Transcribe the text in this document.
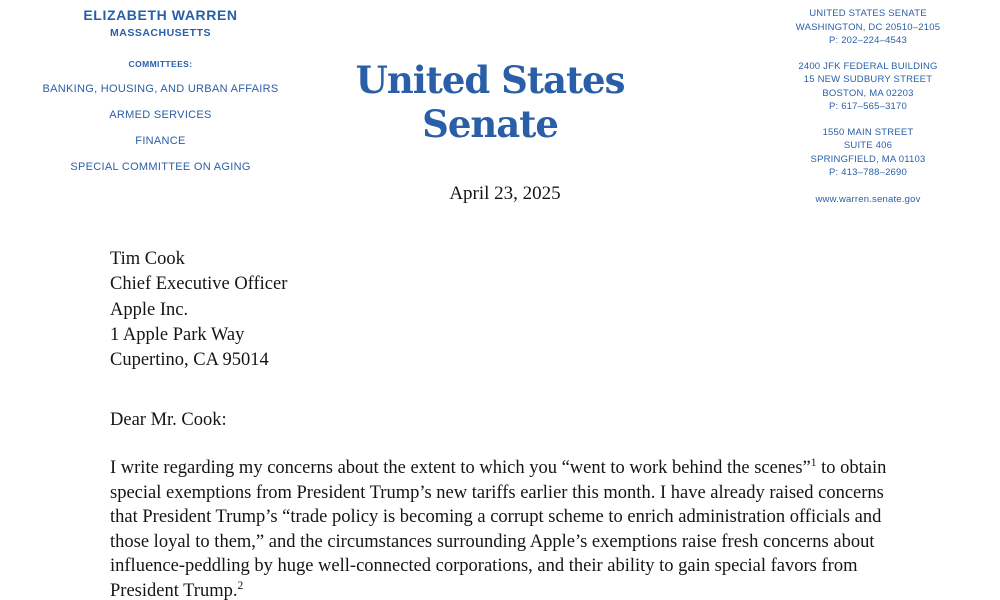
ELIZABETH WARREN
MASSACHUSETTS
COMMITTEES:
BANKING, HOUSING, AND URBAN AFFAIRS
ARMED SERVICES
FINANCE
SPECIAL COMMITTEE ON AGING
United States Senate
UNITED STATES SENATE
WASHINGTON, DC 20510–2105
P: 202–224–4543
2400 JFK FEDERAL BUILDING
15 NEW SUDBURY STREET
BOSTON, MA 02203
P: 617–565–3170
1550 MAIN STREET
SUITE 406
SPRINGFIELD, MA 01103
P: 413–788–2690
www.warren.senate.gov
April 23, 2025
Tim Cook
Chief Executive Officer
Apple Inc.
1 Apple Park Way
Cupertino, CA 95014
Dear Mr. Cook:
I write regarding my concerns about the extent to which you “went to work behind the scenes”$^1$ to obtain special exemptions from President Trump’s new tariffs earlier this month. I have already raised concerns that President Trump’s “trade policy is becoming a corrupt scheme to enrich administration officials and those loyal to them,” and the circumstances surrounding Apple’s exemptions raise fresh concerns about influence-peddling by huge well-connected corporations, and their ability to gain special favors from President Trump.$^2$
